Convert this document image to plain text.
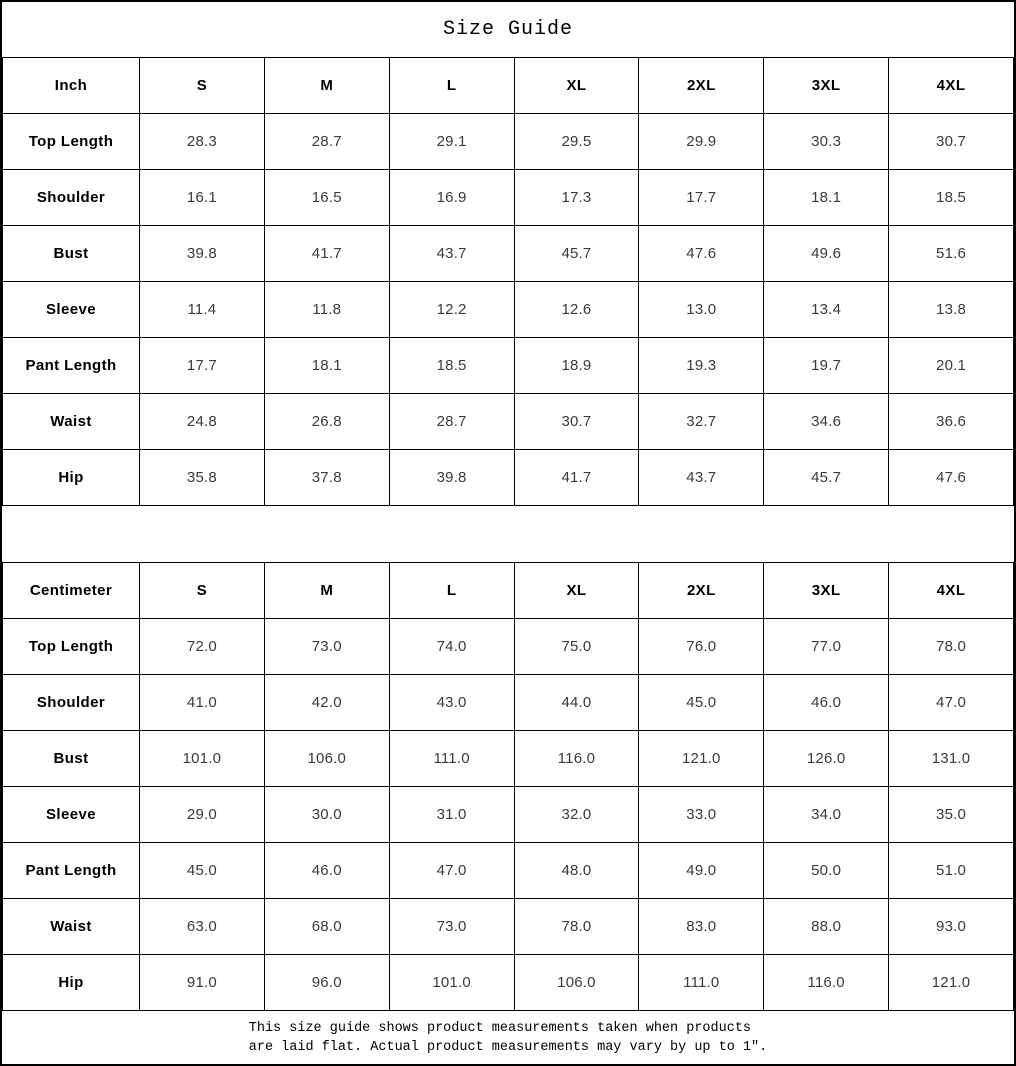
Size Guide
Inch	S	M	L	XL	2XL	3XL	4XL
Top Length	28.3	28.7	29.1	29.5	29.9	30.3	30.7
Shoulder	16.1	16.5	16.9	17.3	17.7	18.1	18.5
Bust	39.8	41.7	43.7	45.7	47.6	49.6	51.6
Sleeve	11.4	11.8	12.2	12.6	13.0	13.4	13.8
Pant Length	17.7	18.1	18.5	18.9	19.3	19.7	20.1
Waist	24.8	26.8	28.7	30.7	32.7	34.6	36.6
Hip	35.8	37.8	39.8	41.7	43.7	45.7	47.6
Centimeter	S	M	L	XL	2XL	3XL	4XL
Top Length	72.0	73.0	74.0	75.0	76.0	77.0	78.0
Shoulder	41.0	42.0	43.0	44.0	45.0	46.0	47.0
Bust	101.0	106.0	111.0	116.0	121.0	126.0	131.0
Sleeve	29.0	30.0	31.0	32.0	33.0	34.0	35.0
Pant Length	45.0	46.0	47.0	48.0	49.0	50.0	51.0
Waist	63.0	68.0	73.0	78.0	83.0	88.0	93.0
Hip	91.0	96.0	101.0	106.0	111.0	116.0	121.0
This size guide shows product measurements taken when products
are laid flat. Actual product measurements may vary by up to 1″.
